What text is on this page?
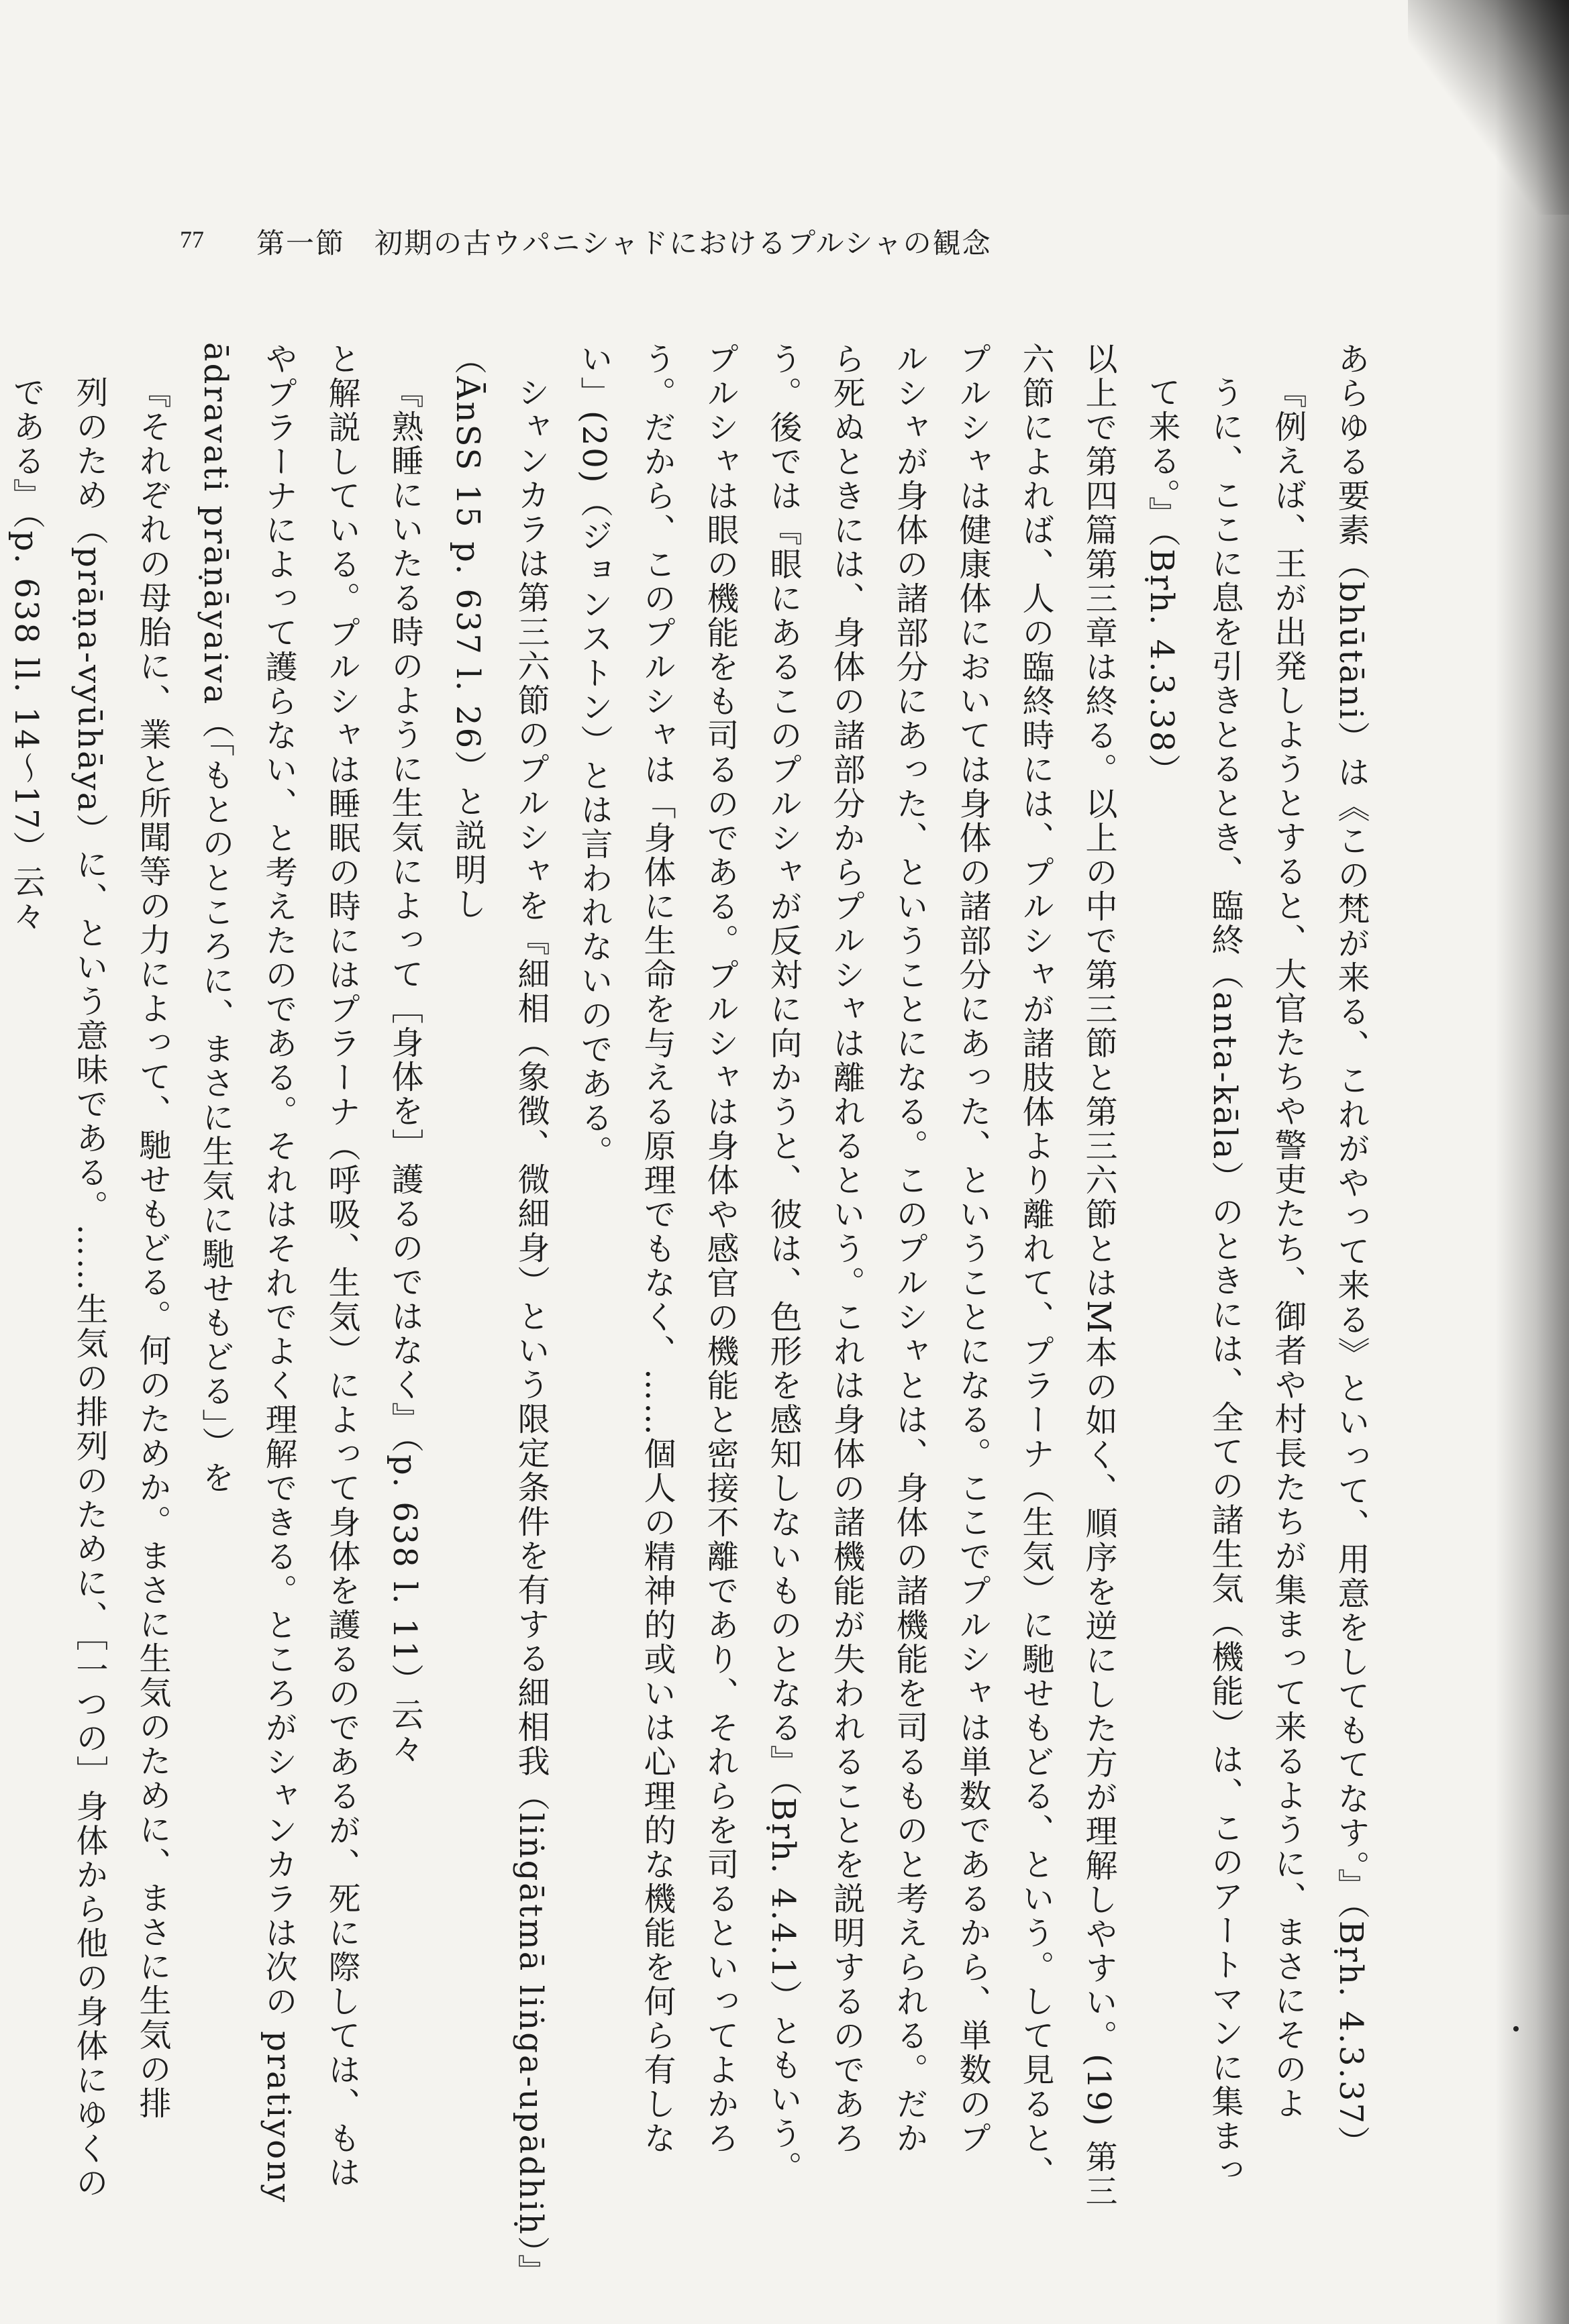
77 第一節　初期の古ウパニシャドにおけるプルシャの観念
あらゆる要素（bhūtāni）は《この梵が来る、これがやって来る》といって、用意をしてもてなす。』（Bṛh. 4.3.37）
『例えば、王が出発しようとすると、大官たちや警吏たち、御者や村長たちが集まって来るように、まさにそのよ
うに、ここに息を引きとるとき、臨終（anta-kāla）のときには、全ての諸生気（機能）は、このアートマンに集まっ
て来る。』（Bṛh. 4.3.38）
以上で第四篇第三章は終る。以上の中で第三節と第三六節とはM本の如く、順序を逆にした方が理解しやすい。(19) 第三
六節によれば、人の臨終時には、プルシャが諸肢体より離れて、プラーナ（生気）に馳せもどる、という。して見ると、
プルシャは健康体においては身体の諸部分にあった、ということになる。ここでプルシャは単数であるから、単数のプ
ルシャが身体の諸部分にあった、ということになる。このプルシャとは、身体の諸機能を司るものと考えられる。だか
ら死ぬときには、身体の諸部分からプルシャは離れるという。これは身体の諸機能が失われることを説明するのであろ
う。後では『眼にあるこのプルシャが反対に向かうと、彼は、色形を感知しないものとなる』（Bṛh. 4.4.1）ともいう。
プルシャは眼の機能をも司るのである。プルシャは身体や感官の機能と密接不離であり、それらを司るといってよかろ
う。だから、このプルシャは「身体に生命を与える原理でもなく、……個人の精神的或いは心理的な機能を何ら有しな
い」(20)（ジョンストン）とは言われないのである。
シャンカラは第三六節のプルシャを『細相（象徴、微細身）という限定条件を有する細相我（liṅgātmā liṅga-upādhiḥ）』
（ĀnSS 15 p. 637 l. 26）と説明し
『熟睡にいたる時のように生気によって［身体を］護るのではなく』（p. 638 l. 11）云々
と解説している。プルシャは睡眠の時にはプラーナ（呼吸、生気）によって身体を護るのであるが、死に際しては、もは
やプラーナによって護らない、と考えたのである。それはそれでよく理解できる。ところがシャンカラは次の pratiyony
ādravati prāṇāyaiva（「もとのところに、まさに生気に馳せもどる」）を
『それぞれの母胎に、業と所聞等の力によって、馳せもどる。何のためか。まさに生気のために、まさに生気の排
列のため（prāṇa-vyūhāya）に、という意味である。……生気の排列のために、［一つの］身体から他の身体にゆくの
である』（p. 638 ll. 14〜17）云々
